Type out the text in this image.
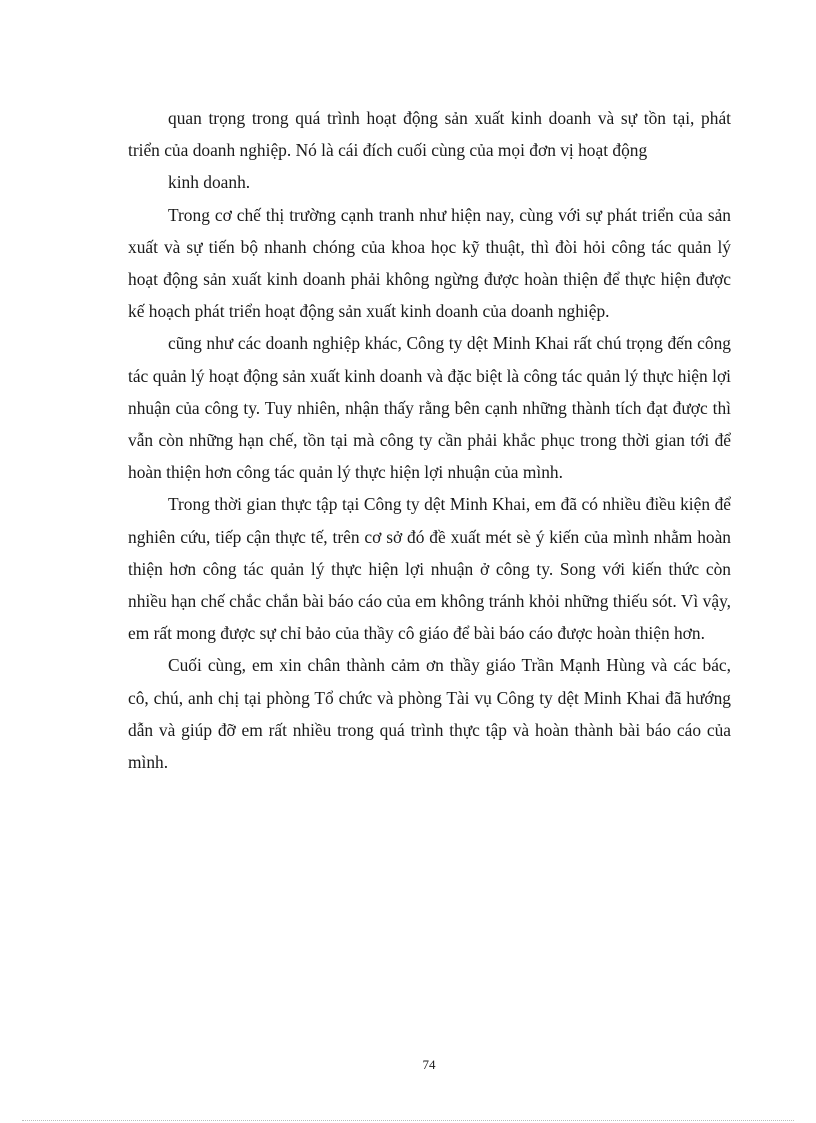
quan trọng trong quá trình hoạt động sản xuất kinh doanh và sự tồn tại, phát triển của doanh nghiệp. Nó là cái đích cuối cùng của mọi đơn vị hoạt động

kinh doanh.

Trong cơ chế thị trường cạnh tranh như hiện nay, cùng với sự phát triển của sản xuất và sự tiến bộ nhanh chóng của khoa học kỹ thuật, thì đòi hỏi công tác quản lý hoạt động sản xuất kinh doanh phải không ngừng được hoàn thiện để thực hiện được kế hoạch phát triển hoạt động sản xuất kinh doanh của doanh nghiệp.

cũng như các doanh nghiệp khác, Công ty dệt Minh Khai rất chú trọng đến công tác quản lý hoạt động sản xuất kinh doanh và đặc biệt là công tác quản lý thực hiện lợi nhuận của công ty. Tuy nhiên, nhận thấy rằng bên cạnh những thành tích đạt được thì vẫn còn những hạn chế, tồn tại mà công ty cần phải khắc phục trong thời gian tới để hoàn thiện hơn công tác quản lý thực hiện lợi nhuận của mình.

Trong thời gian thực tập tại Công ty dệt Minh Khai, em đã có nhiều điều kiện để nghiên cứu, tiếp cận thực tế, trên cơ sở đó đề xuất mét sè ý kiến của mình nhằm hoàn thiện hơn công tác quản lý thực hiện lợi nhuận ở công ty. Song với kiến thức còn nhiều hạn chế chắc chắn bài báo cáo của em không tránh khỏi những thiếu sót. Vì vậy, em rất mong được sự chỉ bảo của thầy cô giáo để bài báo cáo được hoàn thiện hơn.

Cuối cùng, em xin chân thành cảm ơn thầy giáo Trần Mạnh Hùng và các bác, cô, chú, anh chị tại phòng Tổ chức và phòng Tài vụ Công ty dệt Minh Khai đã hướng dẫn và giúp đỡ em rất nhiều trong quá trình thực tập và hoàn thành bài báo cáo của mình.

74
